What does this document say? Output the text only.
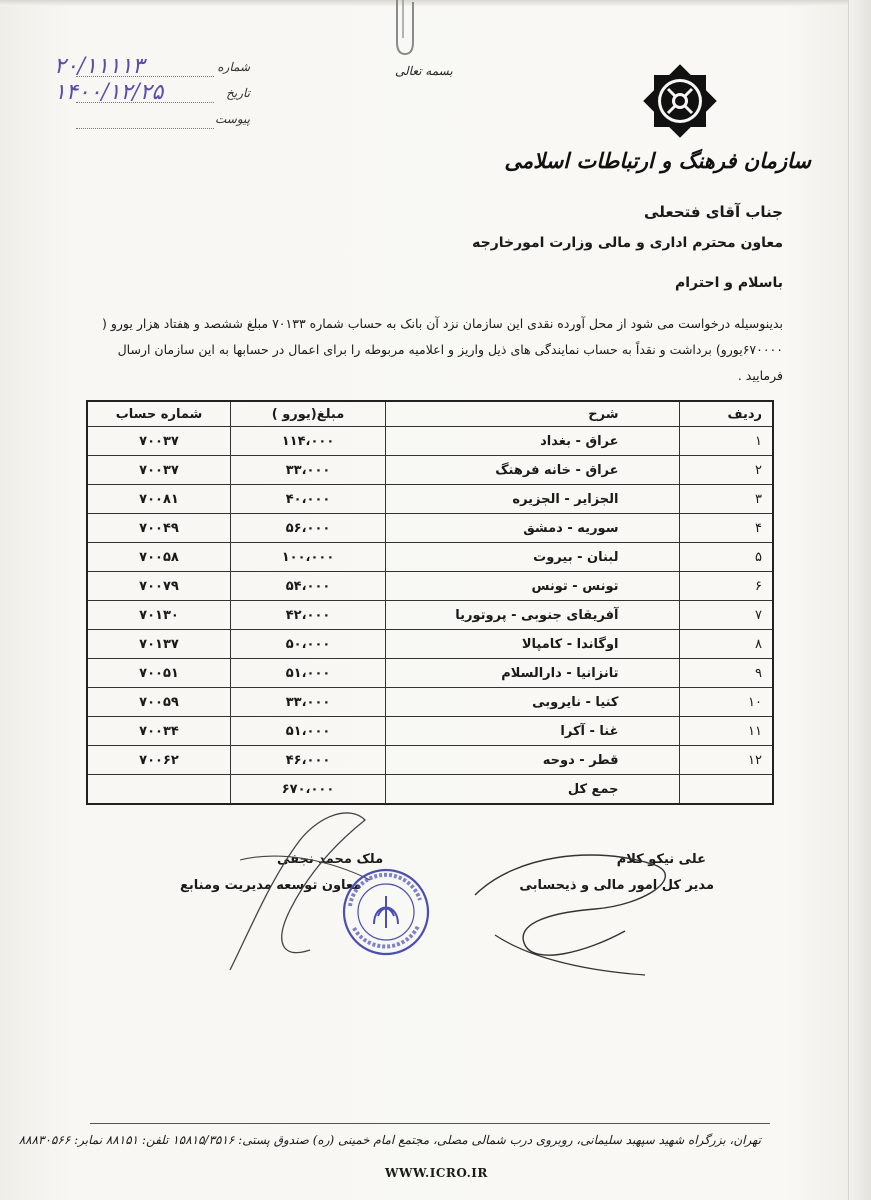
شماره
۲۰/۱۱۱۱۳
تاریخ
۱۴۰۰/۱۲/۲۵
پیوست
بسمه تعالی
سازمان فرهنگ و ارتباطات اسلامی
جناب آقای فتحعلی
معاون محترم اداری و مالی وزارت امورخارجه
باسلام و احترام
بدینوسیله درخواست می شود از محل آورده نقدی این سازمان نزد آن بانک به حساب شماره ۷۰۱۳۳ مبلغ ششصد و هفتاد هزار یورو ( ۶۷۰۰۰۰یورو) برداشت و نقداً به حساب نمایندگی های ذیل واریز و اعلامیه مربوطه را برای اعمال در حسابها به این سازمان ارسال فرمایید .
ردیف	شرح	مبلغ(یورو )	شماره حساب
۱	عراق - بغداد	۱۱۴،۰۰۰	۷۰۰۳۷
۲	عراق - خانه فرهنگ	۳۳،۰۰۰	۷۰۰۳۷
۳	الجزایر - الجزیره	۴۰،۰۰۰	۷۰۰۸۱
۴	سوریه - دمشق	۵۶،۰۰۰	۷۰۰۴۹
۵	لبنان - بیروت	۱۰۰،۰۰۰	۷۰۰۵۸
۶	تونس - تونس	۵۴،۰۰۰	۷۰۰۷۹
۷	آفریقای جنوبی - پروتوریا	۴۲،۰۰۰	۷۰۱۳۰
۸	اوگاندا - کامپالا	۵۰،۰۰۰	۷۰۱۳۷
۹	تانزانیا - دارالسلام	۵۱،۰۰۰	۷۰۰۵۱
۱۰	کنیا - نایروبی	۳۳،۰۰۰	۷۰۰۵۹
۱۱	غنا - آکرا	۵۱،۰۰۰	۷۰۰۳۴
۱۲	قطر - دوحه	۴۶،۰۰۰	۷۰۰۶۲
	جمع کل	۶۷۰،۰۰۰	
علی نیکو کلام
مدیر کل امور مالی و ذیحسابی
ملک محمد نجفی
معاون توسعه مدیریت ومنابع
تهران، بزرگراه شهید سپهبد سلیمانی، روبروی درب شمالی مصلی، مجتمع امام خمینی (ره) صندوق پستی: ۱۵۸۱۵/۳۵۱۶ تلفن: ۸۸۱۵۱ نمابر: ۸۸۸۳۰۵۶۶
WWW.ICRO.IR
